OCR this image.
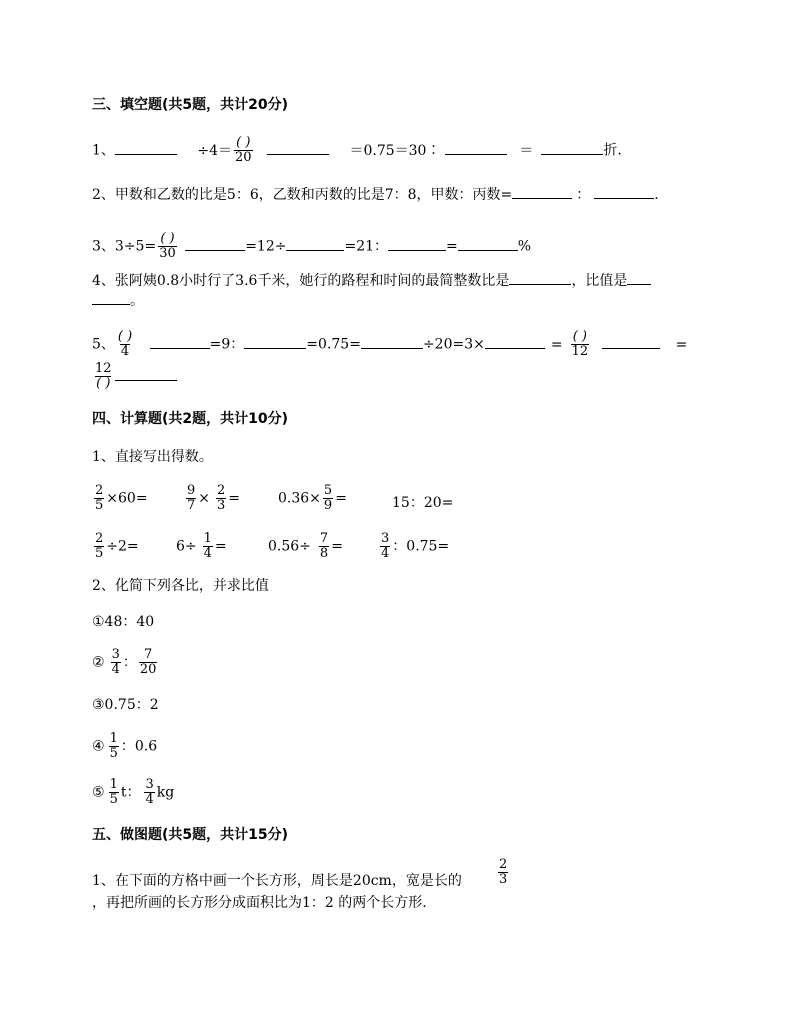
三、填空题(共5题，共计20分)
1、	$\div 4= \frac{( )}{20}$	＝0.75＝30∶	＝	折.
2、甲数和乙数的比是5：6，乙数和丙数的比是7：8，甲数：丙数=	：	.
3、$3\div 5= \frac{( )}{30}$	=12÷	=21：	=	%
4、张阿姨0.8小时行了3.6千米，她行的路程和时间的最简整数比是	，比值是
。
5、 $\frac{( )}{4}$	=9：	=0.75=	÷20=3×	= $\frac{( )}{12}$	=
$\frac{12}{( )}$
四、计算题(共2题，共计10分)
1、直接写出得数。
$\frac{2}{5} \times 60=$	$\frac{9}{7} \times \frac{2}{3}$ =	$0.36\times \frac{5}{9}$ =	15：20=
$\frac{2}{5} \div 2=$	$6\div \frac{1}{4}$ =	$0.56\div \frac{7}{8}$ =	$\frac{3}{4}$ ：0.75=
2、化简下列各比，并求比值
①48：40
② $\frac{3}{4}$ ： $\frac{7}{20}$
③0.75：2
④ $\frac{1}{5}$ ：0.6
⑤ $\frac{1}{5}$ t： $\frac{3}{4}$ kg
五、做图题(共5题，共计15分)
1、在下面的方格中画一个长方形，周长是20cm，宽是长的	$\frac{2}{3}$
，再把所画的长方形分成面积比为1：2 的两个长方形.
